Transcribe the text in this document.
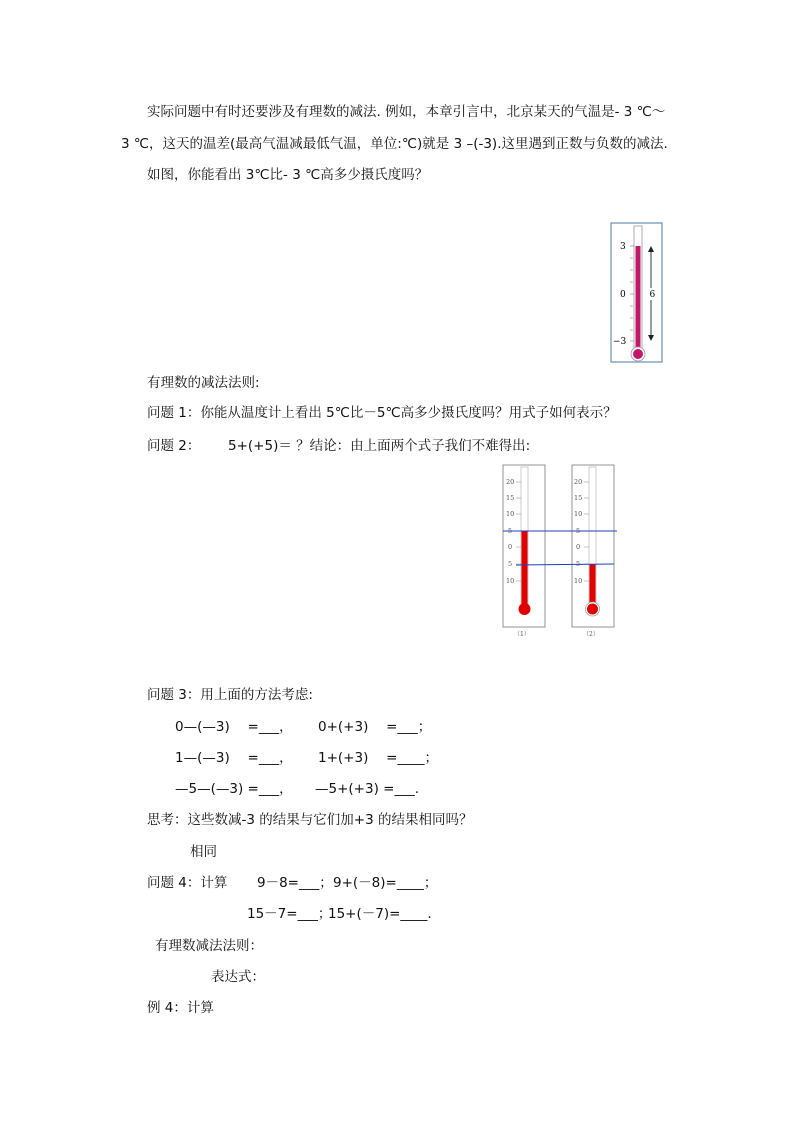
实际问题中有时还要涉及有理数的减法. 例如，本章引言中，北京某天的气温是- 3 ℃～
3 ℃，这天的温差(最高气温减最低气温，单位:℃)就是 3 –(-3).这里遇到正数与负数的减法.
如图，你能看出 3℃比- 3 ℃高多少摄氏度吗？
3
0
−3
6
有理数的减法法则:
问题 1：你能从温度计上看出 5℃比－5℃高多少摄氏度吗？用式子如何表示？
问题 2： 5+(+5)＝ ？结论：由上面两个式子我们不难得出:
20
15
10
5
0
5
10
20
15
10
5
0
10
（1）	（2）
问题 3：用上面的方法考虑:
0—(—3)　 =___， 0+(+3)　 =___；
1—(—3)　 =___， 1+(+3)　 =____；
—5—(—3) =___， —5+(+3) =___.
思考：这些数减-3 的结果与它们加+3 的结果相同吗？
相同
问题 4：计算 9－8=___； 9+(－8)=____；
15－7=___；
15+(－7)=____.
有理数减法法则：
表达式：
例 4：计算
